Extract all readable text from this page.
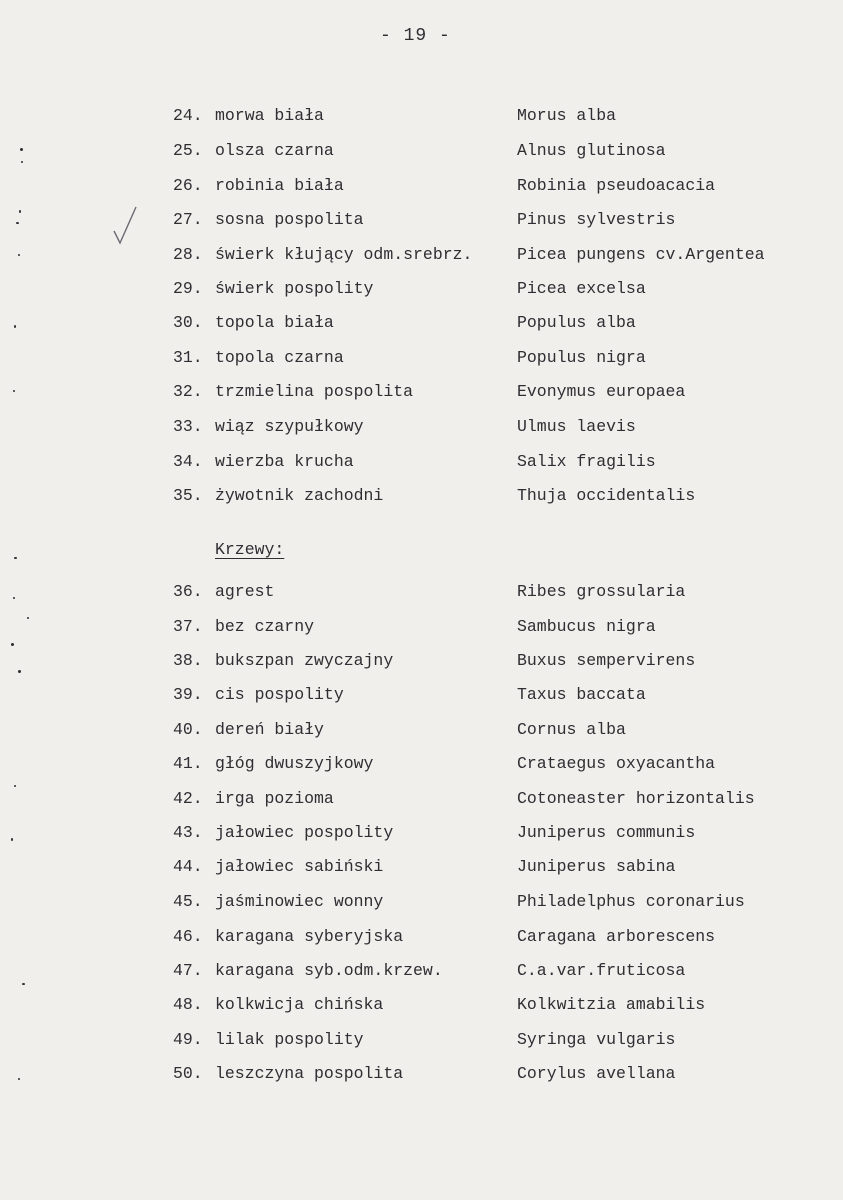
- 19 -
24. morwa biała	Morus alba
25. olsza czarna	Alnus glutinosa
26. robinia biała	Robinia pseudoacacia
27. sosna pospolita	Pinus sylvestris
28. świerk kłujący odm.srebrz.	Picea pungens cv.Argentea
29. świerk pospolity	Picea excelsa
30. topola biała	Populus alba
31. topola czarna	Populus nigra
32. trzmielina pospolita	Evonymus europaea
33. wiąz szypułkowy	Ulmus laevis
34. wierzba krucha	Salix fragilis
35. żywotnik zachodni	Thuja occidentalis
Krzewy:
36. agrest	Ribes grossularia
37. bez czarny	Sambucus nigra
38. bukszpan zwyczajny	Buxus sempervirens
39. cis pospolity	Taxus baccata
40. dereń biały	Cornus alba
41. głóg dwuszyjkowy	Crataegus oxyacantha
42. irga pozioma	Cotoneaster horizontalis
43. jałowiec pospolity	Juniperus communis
44. jałowiec sabiński	Juniperus sabina
45. jaśminowiec wonny	Philadelphus coronarius
46. karagana syberyjska	Caragana arborescens
47. karagana syb.odm.krzew.	C.a.var.fruticosa
48. kolkwicja chińska	Kolkwitzia amabilis
49. lilak pospolity	Syringa vulgaris
50. leszczyna pospolita	Corylus avellana
